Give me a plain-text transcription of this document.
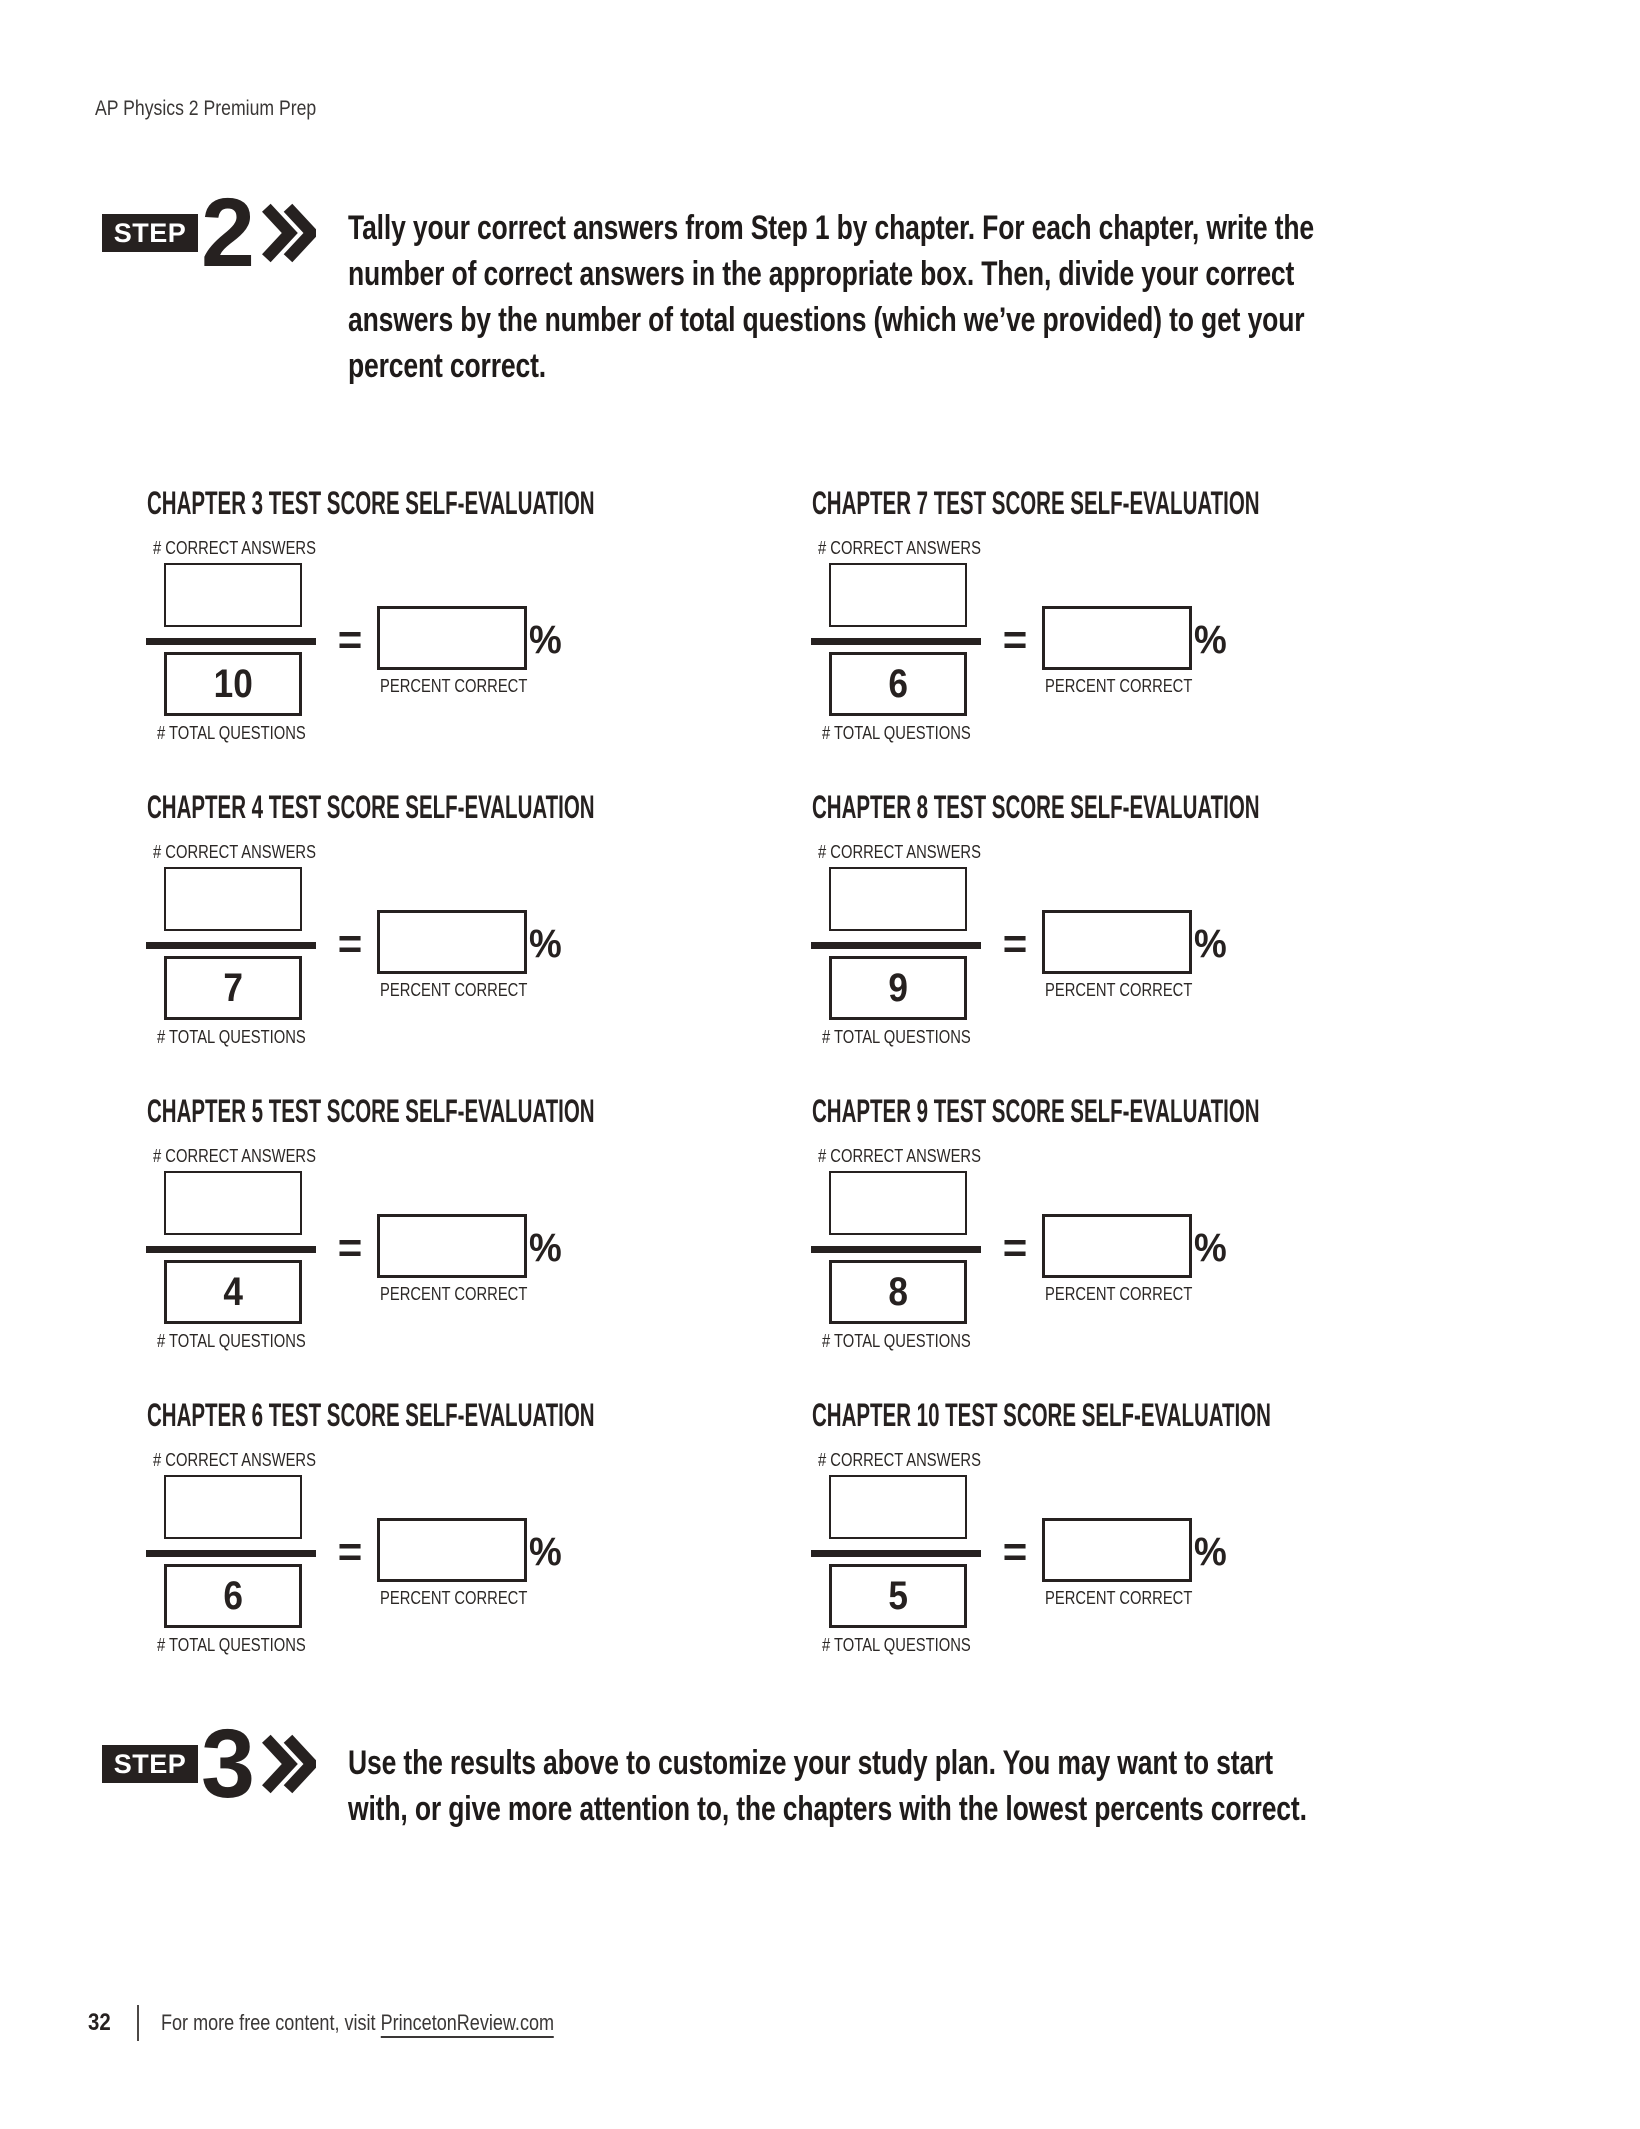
AP Physics 2 Premium Prep
STEP 2	Tally your correct answers from Step 1 by chapter. For each chapter, write the
number of correct answers in the appropriate box. Then, divide your correct
answers by the number of total questions (which we’ve provided) to get your
percent correct.
CHAPTER 3 TEST SCORE SELF-EVALUATION
# CORRECT ANSWERS
10
# TOTAL QUESTIONS
=	%
PERCENT CORRECT
CHAPTER 4 TEST SCORE SELF-EVALUATION
# CORRECT ANSWERS
7
# TOTAL QUESTIONS
=	%
PERCENT CORRECT
CHAPTER 5 TEST SCORE SELF-EVALUATION
# CORRECT ANSWERS
4
# TOTAL QUESTIONS
=	%
PERCENT CORRECT
CHAPTER 6 TEST SCORE SELF-EVALUATION
# CORRECT ANSWERS
6
# TOTAL QUESTIONS
=	%
PERCENT CORRECT
CHAPTER 7 TEST SCORE SELF-EVALUATION
# CORRECT ANSWERS
6
# TOTAL QUESTIONS
=	%
PERCENT CORRECT
CHAPTER 8 TEST SCORE SELF-EVALUATION
# CORRECT ANSWERS
9
# TOTAL QUESTIONS
=	%
PERCENT CORRECT
CHAPTER 9 TEST SCORE SELF-EVALUATION
# CORRECT ANSWERS
8
# TOTAL QUESTIONS
=	%
PERCENT CORRECT
CHAPTER 10 TEST SCORE SELF-EVALUATION
# CORRECT ANSWERS
5
# TOTAL QUESTIONS
=	%
PERCENT CORRECT
STEP 3	Use the results above to customize your study plan. You may want to start
with, or give more attention to, the chapters with the lowest percents correct.
32 For more free content, visit PrincetonReview.com
